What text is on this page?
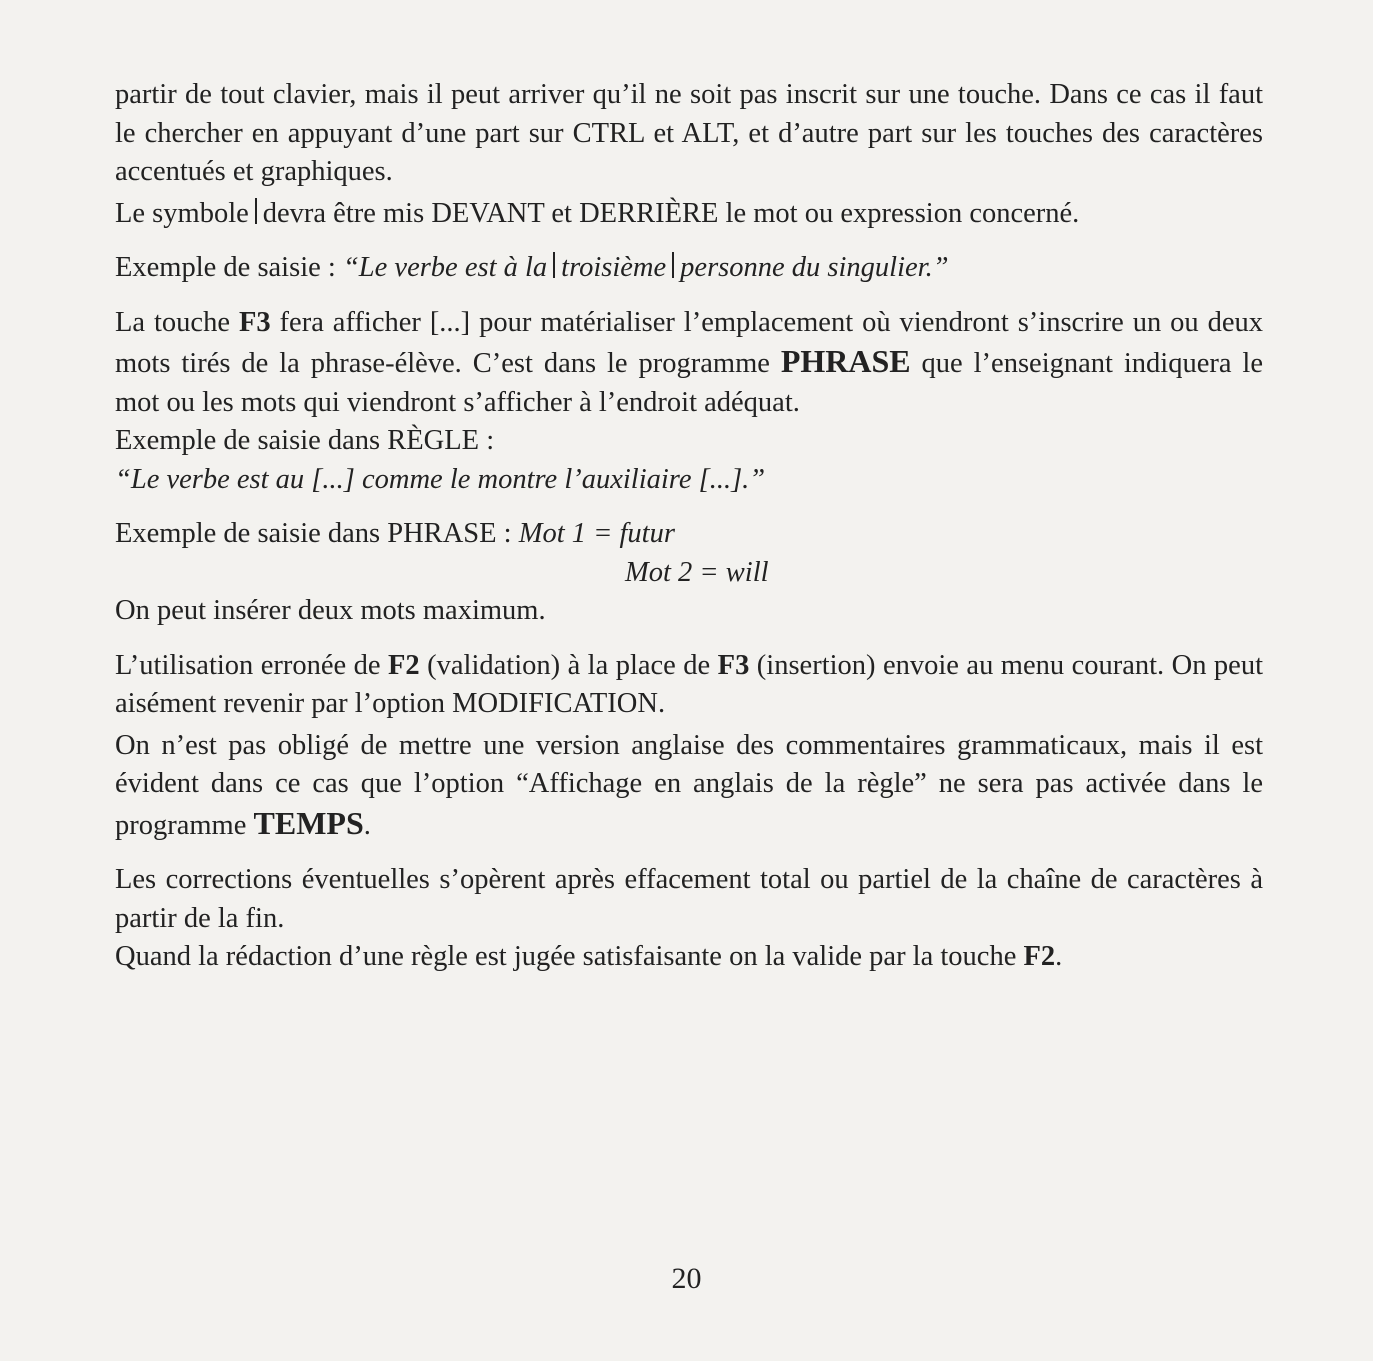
partir de tout clavier, mais il peut arriver qu’il ne soit pas inscrit sur une touche. Dans ce cas il faut le chercher en appuyant d’une part sur CTRL et ALT, et d’autre part sur les touches des caractères accentués et graphiques.

Le symbole devra être mis DEVANT et DERRIÈRE le mot ou expression concerné.

Exemple de saisie : “Le verbe est à la troisième personne du singulier.”

La touche F3 fera afficher [...] pour matérialiser l’emplacement où viendront s’inscrire un ou deux mots tirés de la phrase-élève. C’est dans le programme PHRASE que l’enseignant indiquera le mot ou les mots qui viendront s’afficher à l’endroit adéquat.

Exemple de saisie dans RÈGLE :
“Le verbe est au [...] comme le montre l’auxiliaire [...].”

Exemple de saisie dans PHRASE : Mot 1 = futur

Mot 2 = will

On peut insérer deux mots maximum.

L’utilisation erronée de F2 (validation) à la place de F3 (insertion) envoie au menu courant. On peut aisément revenir par l’option MODIFICATION.

On n’est pas obligé de mettre une version anglaise des commentaires grammaticaux, mais il est évident dans ce cas que l’option “Affichage en anglais de la règle” ne sera pas activée dans le programme TEMPS.

Les corrections éventuelles s’opèrent après effacement total ou partiel de la chaîne de caractères à partir de la fin.

Quand la rédaction d’une règle est jugée satisfaisante on la valide par la touche F2.

20
